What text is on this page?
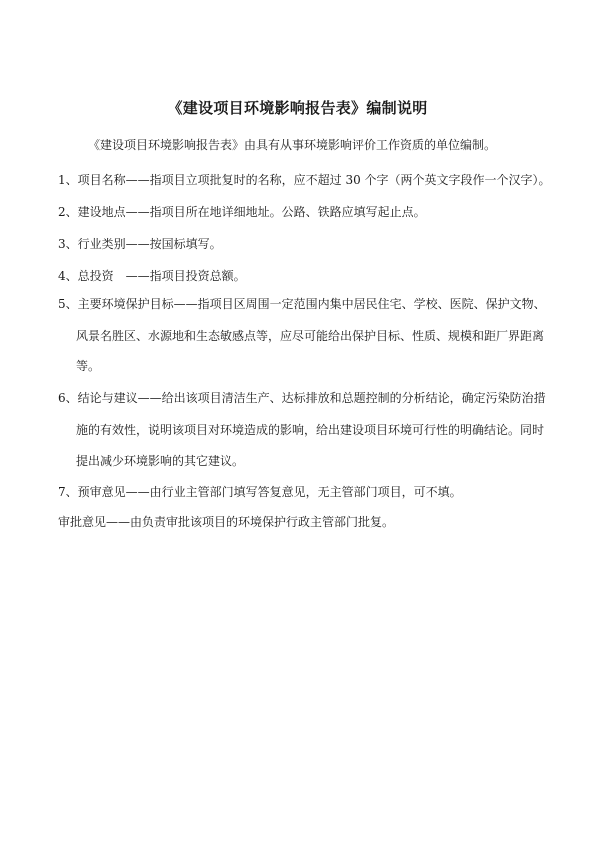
《建设项目环境影响报告表》编制说明
《建设项目环境影响报告表》由具有从事环境影响评价工作资质的单位编制。
1、项目名称——指项目立项批复时的名称，应不超过 30 个字（两个英文字段作一个汉字）。
2、建设地点——指项目所在地详细地址。公路、铁路应填写起止点。
3、行业类别——按国标填写。
4、总投资　——指项目投资总额。
5、主要环境保护目标——指项目区周围一定范围内集中居民住宅、学校、医院、保护文物、
风景名胜区、水源地和生态敏感点等，应尽可能给出保护目标、性质、规模和距厂界距离
等。
6、结论与建议——给出该项目清洁生产、达标排放和总题控制的分析结论，确定污染防治措
施的有效性，说明该项目对环境造成的影响，给出建设项目环境可行性的明确结论。同时
提出减少环境影响的其它建议。
7、预审意见——由行业主管部门填写答复意见，无主管部门项目，可不填。
审批意见——由负责审批该项目的环境保护行政主管部门批复。
